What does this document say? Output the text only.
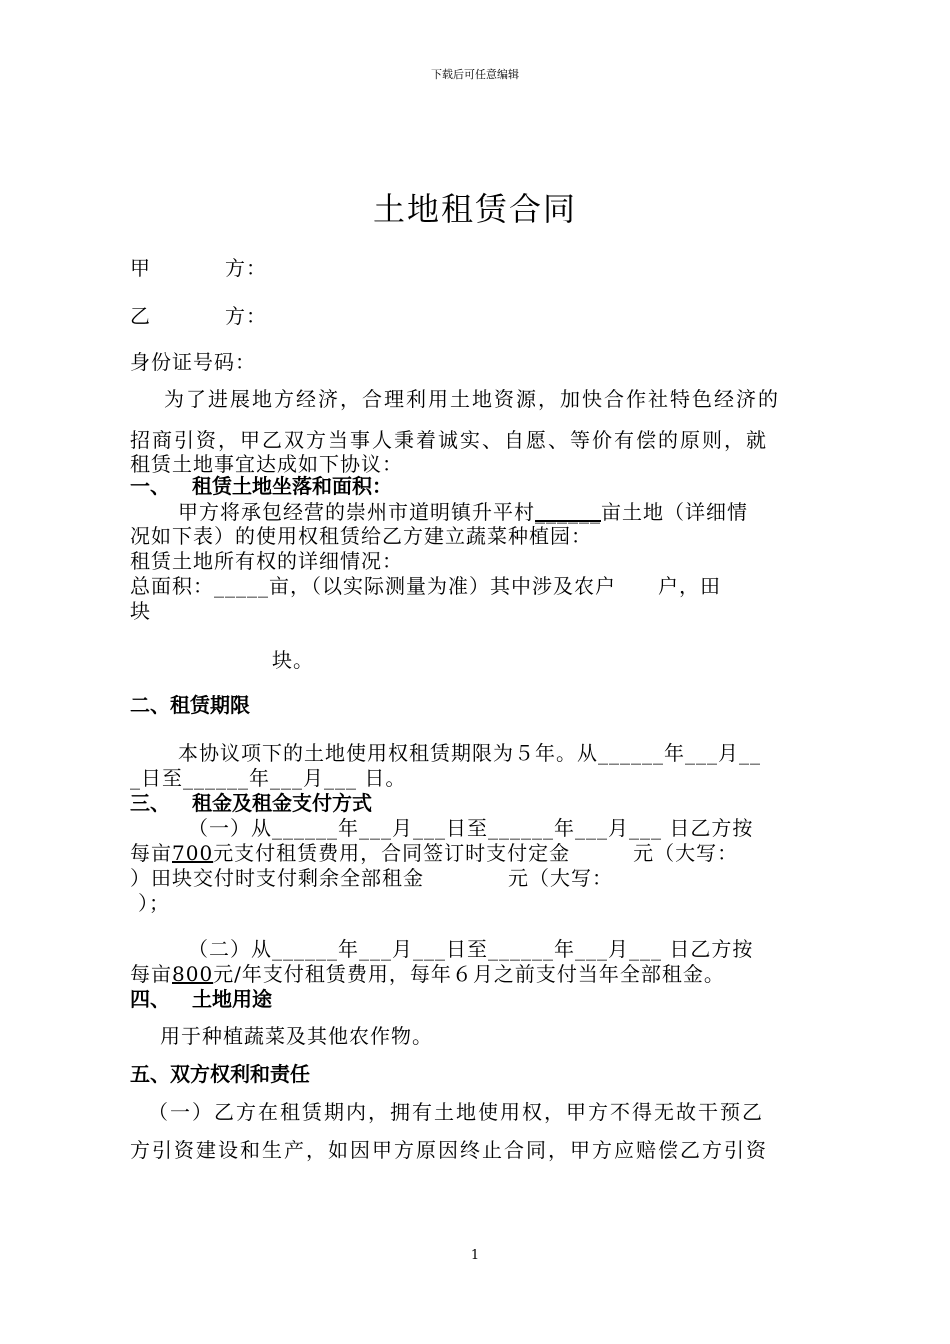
下载后可任意编辑
土地租赁合同
甲	方：
乙	方：
身份证号码：
为了进展地方经济，合理利用土地资源，加快合作社特色经济的
招商引资，甲乙双方当事人秉着诚实、自愿、等价有偿的原则，就
租赁土地事宜达成如下协议：
一、 租赁土地坐落和面积：
甲方将承包经营的崇州市道明镇升平村______亩土地（详细情
况如下表）的使用权租赁给乙方建立蔬菜种植园：
租赁土地所有权的详细情况：
总面积：_____亩，（以实际测量为准）其中涉及农户　　户，田
块
块。
二、租赁期限
本协议项下的土地使用权租赁期限为５年。从______年___月__
_日至______年___月___ 日。
三、 租金及租金支付方式
（一）从______年___月___日至______年___月___ 日乙方按
每亩700元支付租赁费用，合同签订时支付定金　　　元（大写：
）田块交付时支付剩余全部租金　　　　元（大写：
）；
（二）从______年___月___日至______年___月___ 日乙方按
每亩800元/年支付租赁费用，每年６月之前支付当年全部租金。
四、 土地用途
用于种植蔬菜及其他农作物。
五、双方权利和责任
（一）乙方在租赁期内，拥有土地使用权，甲方不得无故干预乙
方引资建设和生产，如因甲方原因终止合同，甲方应赔偿乙方引资
1
